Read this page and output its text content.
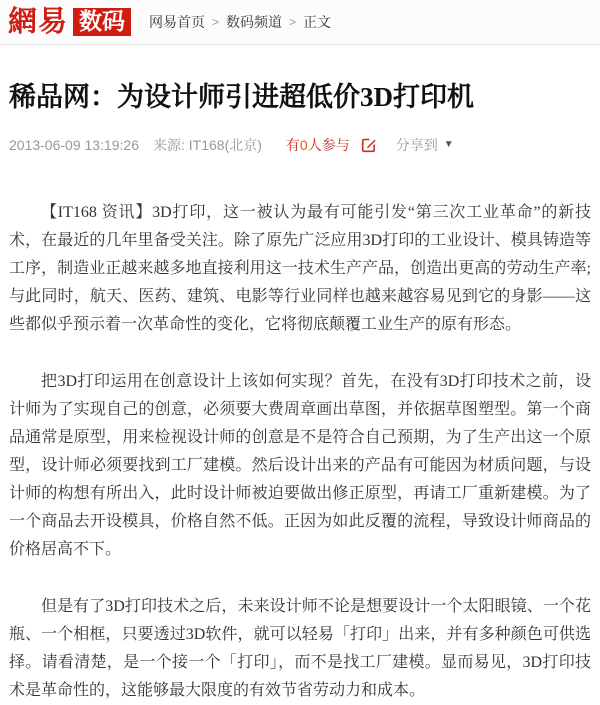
網易 数码	网易首页 > 数码频道 > 正文
稀品网：为设计师引进超低价3D打印机
2013-06-09 13:19:26 来源: IT168(北京) 有0人参与	分享到 ▼

【IT168 资讯】3D打印，这一被认为最有可能引发“第三次工业革命”的新技术，在最近的几年里备受关注。除了原先广泛应用3D打印的工业设计、模具铸造等工序，制造业正越来越多地直接利用这一技术生产产品，创造出更高的劳动生产率;与此同时，航天、医药、建筑、电影等行业同样也越来越容易见到它的身影——这些都似乎预示着一次革命性的变化，它将彻底颠覆工业生产的原有形态。

把3D打印运用在创意设计上该如何实现？首先，在没有3D打印技术之前，设计师为了实现自己的创意，必须要大费周章画出草图，并依据草图塑型。第一个商品通常是原型，用来检视设计师的创意是不是符合自己预期，为了生产出这一个原型，设计师必须要找到工厂建模。然后设计出来的产品有可能因为材质问题，与设计师的构想有所出入，此时设计师被迫要做出修正原型，再请工厂重新建模。为了一个商品去开设模具，价格自然不低。正因为如此反覆的流程，导致设计师商品的价格居高不下。

但是有了3D打印技术之后，未来设计师不论是想要设计一个太阳眼镜、一个花瓶、一个相框，只要透过3D软件，就可以轻易「打印」出来，并有多种颜色可供选择。请看清楚，是一个接一个「打印」，而不是找工厂建模。显而易见，3D打印技术是革命性的，这能够最大限度的有效节省劳动力和成本。
